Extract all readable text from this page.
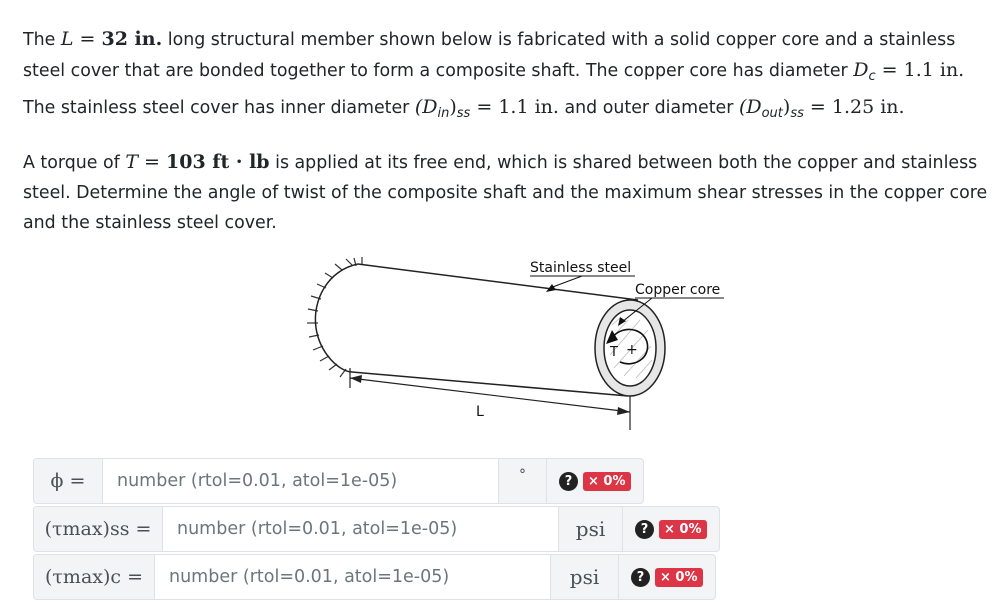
The L = 32 in. long structural member shown below is fabricated with a solid copper core and a stainless steel cover that are bonded together to form a composite shaft. The copper core has diameter $D_c = 1.1$ in.
The stainless steel cover has inner diameter $(D_{in})_{ss} = 1.1$ in. and outer diameter $(D_{out})_{ss} = 1.25$ in.

A torque of T = 103 ft · lb is applied at its free end, which is shared between both the copper and stainless steel. Determine the angle of twist of the composite shaft and the maximum shear stresses in the copper core and the stainless steel cover.

T +
Stainless steel
Copper core
L
ϕ =	number (rtol=0.01, atol=1e-05)	°	?	× 0%
(τmax)ss =	number (rtol=0.01, atol=1e-05)	psi	?	× 0%
(τmax)c =	number (rtol=0.01, atol=1e-05)	psi	?	× 0%
